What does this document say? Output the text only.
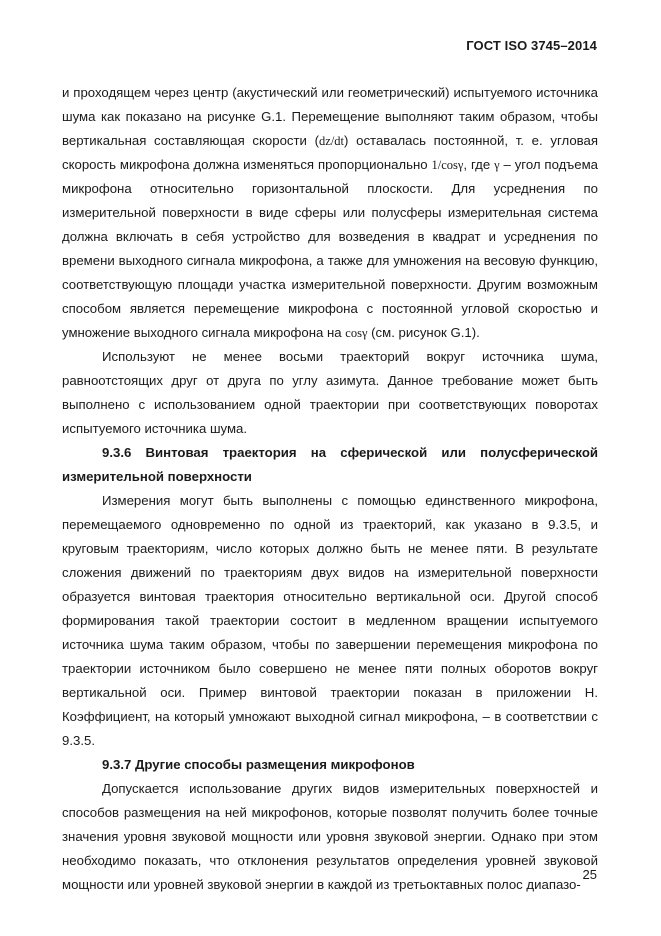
ГОСТ ISO 3745–2014

и проходящем через центр (акустический или геометрический) испытуемого источника шума как показано на рисунке G.1. Перемещение выполняют таким образом, чтобы вертикальная составляющая скорости (dz/dt) оставалась постоянной, т. е. угловая скорость микрофона должна изменяться пропорционально 1/cosγ, где γ – угол подъема микрофона относительно горизонтальной плоскости. Для усреднения по измерительной поверхности в виде сферы или полусферы измерительная система должна включать в себя устройство для возведения в квадрат и усреднения по времени выходного сигнала микрофона, а также для умножения на весовую функцию, соответствующую площади участка измерительной поверхности. Другим возможным способом является перемещение микрофона с постоянной угловой скоростью и умножение выходного сигнала микрофона на cosγ (см. рисунок G.1).

Используют не менее восьми траекторий вокруг источника шума, равноотстоящих друг от друга по углу азимута. Данное требование может быть выполнено с использованием одной траектории при соответствующих поворотах испытуемого источника шума.

9.3.6 Винтовая траектория на сферической или полусферической измерительной поверхности

Измерения могут быть выполнены с помощью единственного микрофона, перемещаемого одновременно по одной из траекторий, как указано в 9.3.5, и круговым траекториям, число которых должно быть не менее пяти. В результате сложения движений по траекториям двух видов на измерительной поверхности образуется винтовая траектория относительно вертикальной оси. Другой способ формирования такой траектории состоит в медленном вращении испытуемого источника шума таким образом, чтобы по завершении перемещения микрофона по траектории источником было совершено не менее пяти полных оборотов вокруг вертикальной оси. Пример винтовой траектории показан в приложении H. Коэффициент, на который умножают выходной сигнал микрофона, – в соответствии с 9.3.5.

9.3.7 Другие способы размещения микрофонов

Допускается использование других видов измерительных поверхностей и способов размещения на ней микрофонов, которые позволят получить более точные значения уровня звуковой мощности или уровня звуковой энергии. Однако при этом необходимо показать, что отклонения результатов определения уровней звуковой мощности или уровней звуковой энергии в каждой из третьоктавных полос диапазо-

25
